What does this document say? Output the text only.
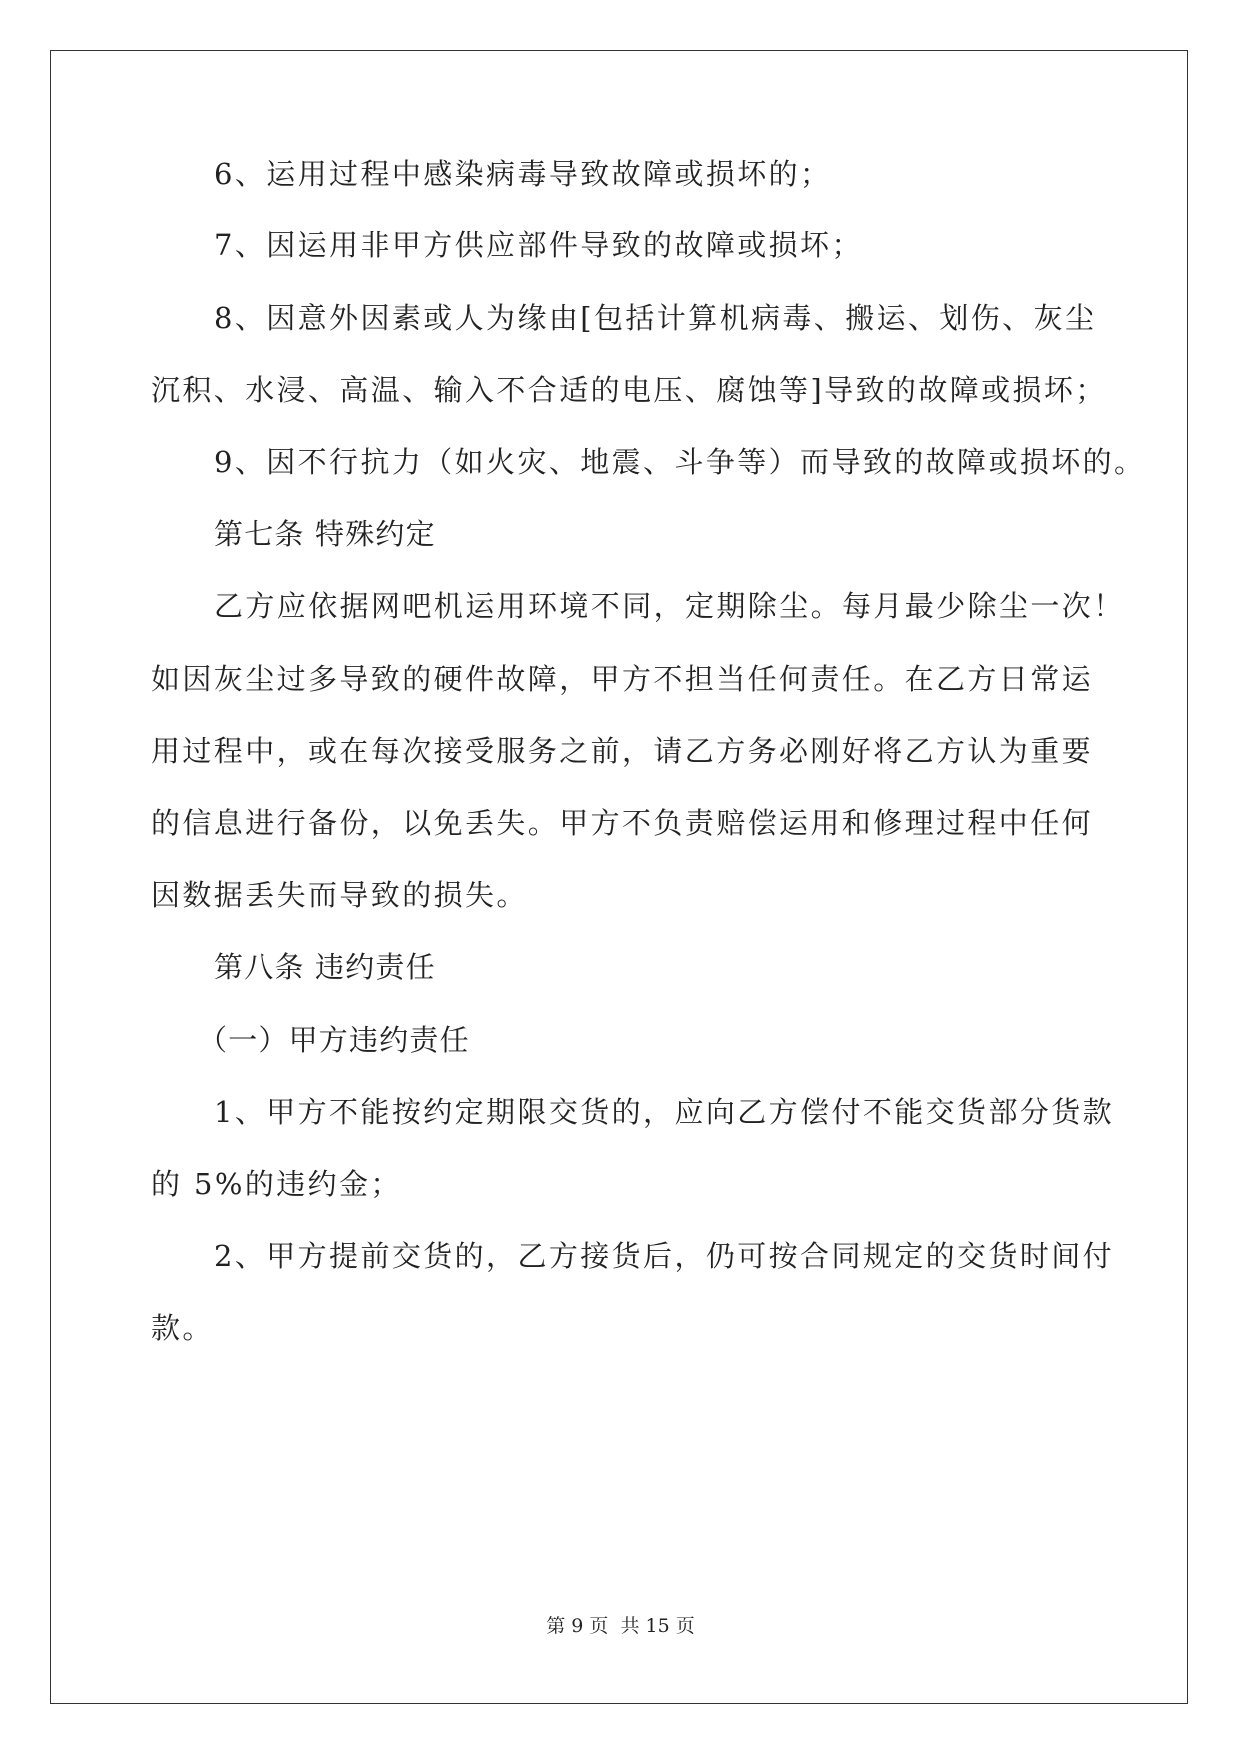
6、运用过程中感染病毒导致故障或损坏的；
7、因运用非甲方供应部件导致的故障或损坏；
8、因意外因素或人为缘由[包括计算机病毒、搬运、划伤、灰尘
沉积、水浸、高温、输入不合适的电压、腐蚀等]导致的故障或损坏；
9、因不行抗力（如火灾、地震、斗争等）而导致的故障或损坏的。
第七条 特殊约定
乙方应依据网吧机运用环境不同，定期除尘。每月最少除尘一次！
如因灰尘过多导致的硬件故障，甲方不担当任何责任。在乙方日常运
用过程中，或在每次接受服务之前，请乙方务必刚好将乙方认为重要
的信息进行备份，以免丢失。甲方不负责赔偿运用和修理过程中任何
因数据丢失而导致的损失。
第八条 违约责任
（一）甲方违约责任
1、甲方不能按约定期限交货的，应向乙方偿付不能交货部分货款
的 5%的违约金；
2、甲方提前交货的，乙方接货后，仍可按合同规定的交货时间付
款。
第 9 页 共 15 页
